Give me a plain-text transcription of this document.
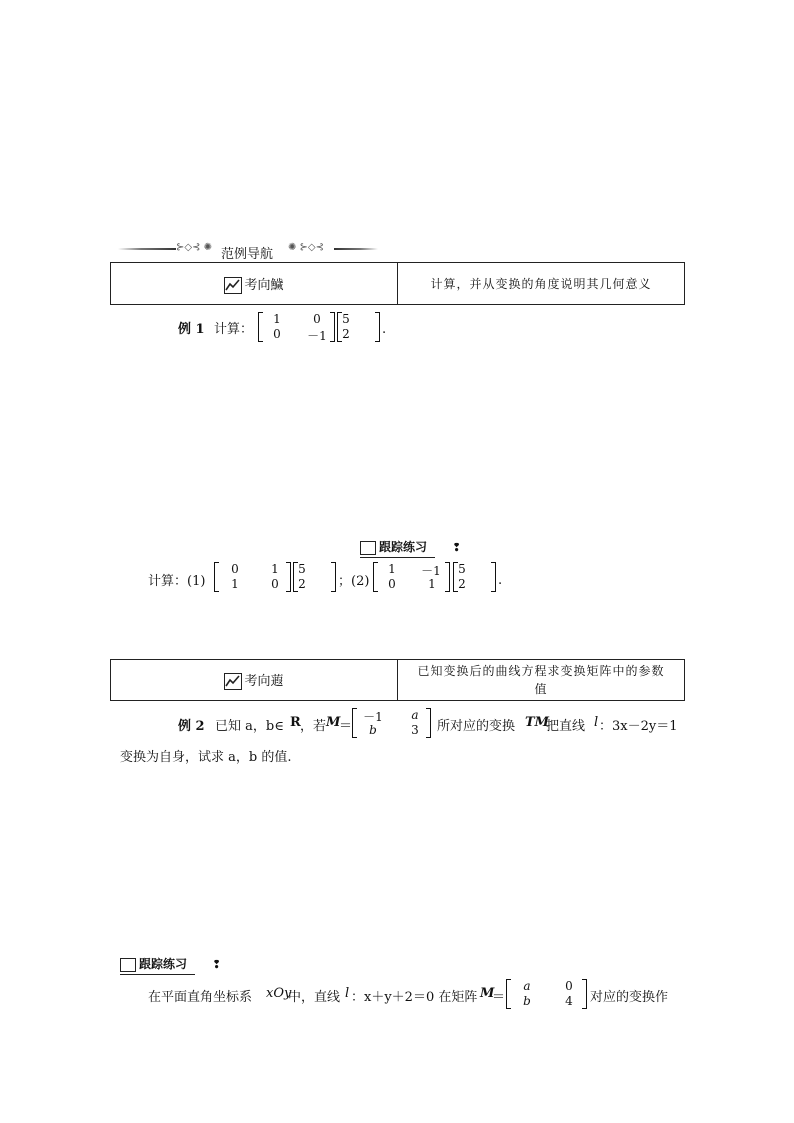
⊱◇⊰ ✺ 范例导航 ✺ ⊱◇⊰
考向鱥	计算，并从变换的角度说明其几何意义
例 1 计算：
1	0
0 －1
5
2 .
跟踪练习 ❢
计算：(1)
0	1
1	0
5
2 ；(2)
1	－1
0	1
5
2 .
考向蕸	
已知变换后的曲线方程求变换矩阵中的参数
值
例 2 已知 a，b∈ R ，若 M
＝
－1 a
b	3 所对应的变换 TM
把直线 l ：3x－2y＝1
变换为自身，试求 a，b 的值.
跟踪练习 ❢
在平面直角坐标系 xOy
中，直线 l ：x＋y＋2＝0 在矩阵 M
＝
a	0
b	4 对应的变换作
